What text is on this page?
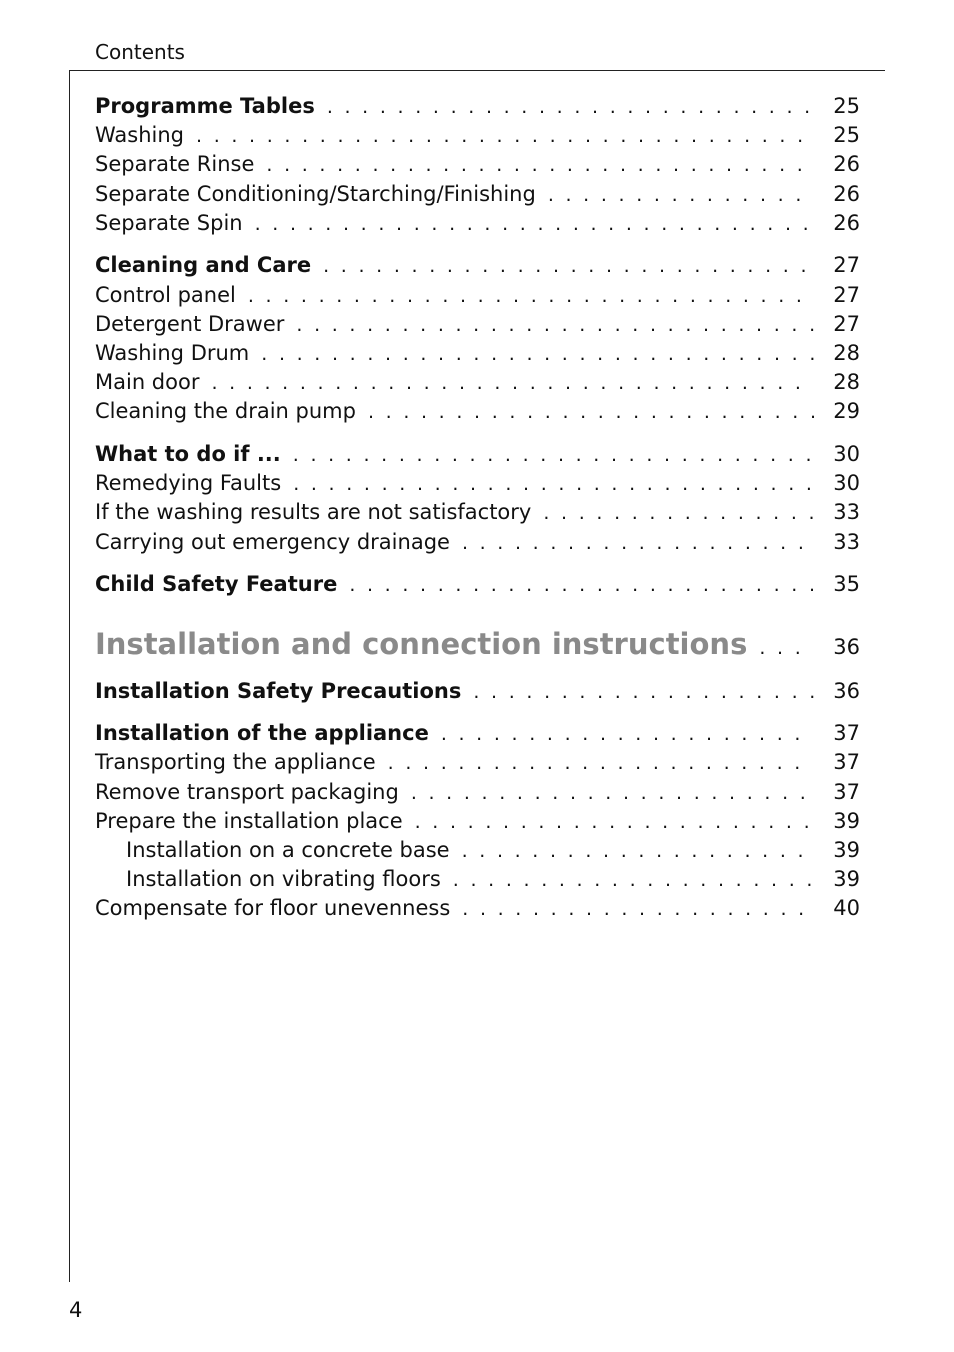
Contents
Programme Tables . . .	25
Washing . . .	25
Separate Rinse . . .	26
Separate Conditioning/Starching/Finishing . . .	26
Separate Spin . . .	26
Cleaning and Care . . .	27
Control panel . . .	27
Detergent Drawer . . .	27
Washing Drum . . .	28
Main door . . .	28
Cleaning the drain pump . . .	29
What to do if ... . . .	30
Remedying Faults . . .	30
If the washing results are not satisfactory . . .	33
Carrying out emergency drainage . . .	33
Child Safety Feature . . .	35
Installation and connection instructions . . .	36
Installation Safety Precautions . . .	36
Installation of the appliance . . .	37
Transporting the appliance . . .	37
Remove transport packaging . . .	37
Prepare the installation place . . .	39
Installation on a concrete base . . .	39
Installation on vibrating floors . . .	39
Compensate for floor unevenness . . .	40
4
